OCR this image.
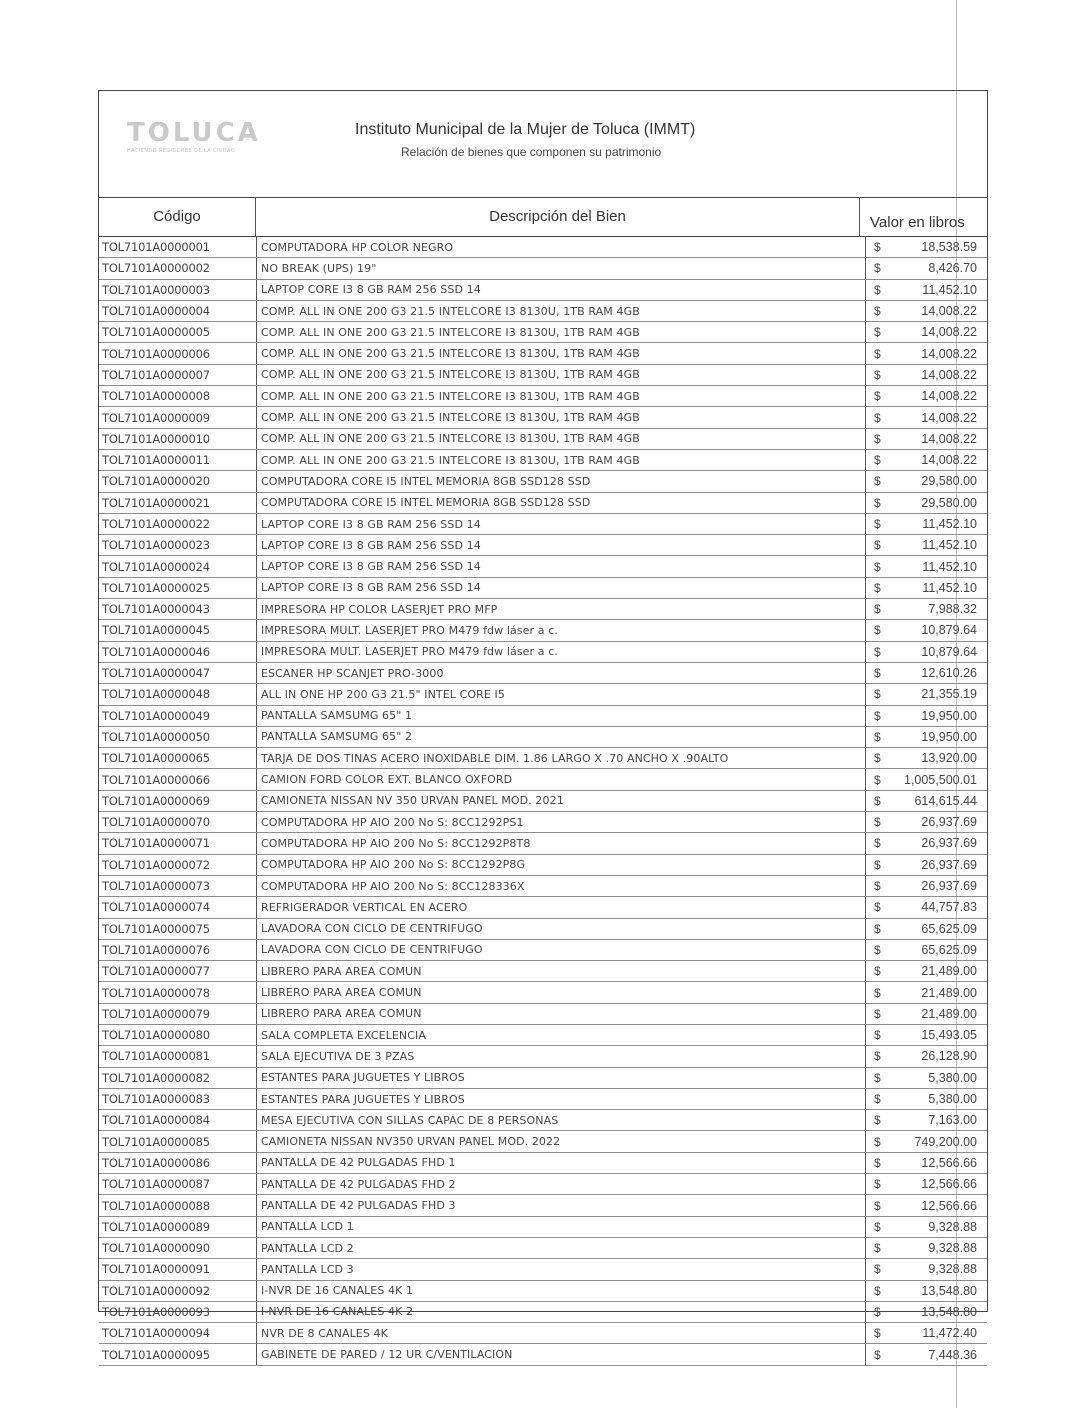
TOLUCA
HACIENDO REGIDORES DE LA CIUDAD
Instituto Municipal de la Mujer de Toluca (IMMT)
Relación de bienes que componen su patrimonio
Código	Descripción del Bien	Valor en libros
TOL7101A0000001	COMPUTADORA HP COLOR NEGRO	$	18,538.59
TOL7101A0000002	NO BREAK (UPS) 19"	$	8,426.70
TOL7101A0000003	LAPTOP CORE I3 8 GB RAM 256 SSD 14	$	11,452.10
TOL7101A0000004	COMP. ALL IN ONE 200 G3 21.5 INTELCORE I3 8130U, 1TB RAM 4GB	$	14,008.22
TOL7101A0000005	COMP. ALL IN ONE 200 G3 21.5 INTELCORE I3 8130U, 1TB RAM 4GB	$	14,008.22
TOL7101A0000006	COMP. ALL IN ONE 200 G3 21.5 INTELCORE I3 8130U, 1TB RAM 4GB	$	14,008.22
TOL7101A0000007	COMP. ALL IN ONE 200 G3 21.5 INTELCORE I3 8130U, 1TB RAM 4GB	$	14,008.22
TOL7101A0000008	COMP. ALL IN ONE 200 G3 21.5 INTELCORE I3 8130U, 1TB RAM 4GB	$	14,008.22
TOL7101A0000009	COMP. ALL IN ONE 200 G3 21.5 INTELCORE I3 8130U, 1TB RAM 4GB	$	14,008.22
TOL7101A0000010	COMP. ALL IN ONE 200 G3 21.5 INTELCORE I3 8130U, 1TB RAM 4GB	$	14,008.22
TOL7101A0000011	COMP. ALL IN ONE 200 G3 21.5 INTELCORE I3 8130U, 1TB RAM 4GB	$	14,008.22
TOL7101A0000020	COMPUTADORA CORE I5 INTEL MEMORIA 8GB SSD128 SSD	$	29,580.00
TOL7101A0000021	COMPUTADORA CORE I5 INTEL MEMORIA 8GB SSD128 SSD	$	29,580.00
TOL7101A0000022	LAPTOP CORE I3 8 GB RAM 256 SSD 14	$	11,452.10
TOL7101A0000023	LAPTOP CORE I3 8 GB RAM 256 SSD 14	$	11,452.10
TOL7101A0000024	LAPTOP CORE I3 8 GB RAM 256 SSD 14	$	11,452.10
TOL7101A0000025	LAPTOP CORE I3 8 GB RAM 256 SSD 14	$	11,452.10
TOL7101A0000043	IMPRESORA HP COLOR LASERJET PRO MFP	$	7,988.32
TOL7101A0000045	IMPRESORA MULT. LASERJET PRO M479 fdw láser a c.	$	10,879.64
TOL7101A0000046	IMPRESORA MULT. LASERJET PRO M479 fdw láser a c.	$	10,879.64
TOL7101A0000047	ESCANER HP SCANJET PRO-3000	$	12,610.26
TOL7101A0000048	ALL IN ONE HP 200 G3 21.5" INTEL CORE I5	$	21,355.19
TOL7101A0000049	PANTALLA SAMSUMG 65" 1	$	19,950.00
TOL7101A0000050	PANTALLA SAMSUMG 65" 2	$	19,950.00
TOL7101A0000065	TARJA DE DOS TINAS ACERO INOXIDABLE DIM. 1.86 LARGO X .70 ANCHO X .90ALTO	$	13,920.00
TOL7101A0000066	CAMION FORD COLOR EXT. BLANCO OXFORD	$	1,005,500.01
TOL7101A0000069	CAMIONETA NISSAN NV 350 URVAN PANEL MOD. 2021	$	614,615.44
TOL7101A0000070	COMPUTADORA HP AIO 200 No S: 8CC1292PS1	$	26,937.69
TOL7101A0000071	COMPUTADORA HP AIO 200 No S: 8CC1292P8T8	$	26,937.69
TOL7101A0000072	COMPUTADORA HP AIO 200 No S: 8CC1292P8G	$	26,937.69
TOL7101A0000073	COMPUTADORA HP AIO 200 No S: 8CC128336X	$	26,937.69
TOL7101A0000074	REFRIGERADOR VERTICAL EN ACERO	$	44,757.83
TOL7101A0000075	LAVADORA CON CICLO DE CENTRIFUGO	$	65,625.09
TOL7101A0000076	LAVADORA CON CICLO DE CENTRIFUGO	$	65,625.09
TOL7101A0000077	LIBRERO PARA AREA COMUN	$	21,489.00
TOL7101A0000078	LIBRERO PARA AREA COMUN	$	21,489.00
TOL7101A0000079	LIBRERO PARA AREA COMUN	$	21,489.00
TOL7101A0000080	SALA COMPLETA EXCELENCIA	$	15,493.05
TOL7101A0000081	SALA EJECUTIVA DE 3 PZAS	$	26,128.90
TOL7101A0000082	ESTANTES PARA JUGUETES Y LIBROS	$	5,380.00
TOL7101A0000083	ESTANTES PARA JUGUETES Y LIBROS	$	5,380.00
TOL7101A0000084	MESA EJECUTIVA CON SILLAS CAPAC DE 8 PERSONAS	$	7,163.00
TOL7101A0000085	CAMIONETA NISSAN NV350 URVAN PANEL MOD. 2022	$	749,200.00
TOL7101A0000086	PANTALLA DE 42 PULGADAS FHD 1	$	12,566.66
TOL7101A0000087	PANTALLA DE 42 PULGADAS FHD 2	$	12,566.66
TOL7101A0000088	PANTALLA DE 42 PULGADAS FHD 3	$	12,566.66
TOL7101A0000089	PANTALLA LCD 1	$	9,328.88
TOL7101A0000090	PANTALLA LCD 2	$	9,328.88
TOL7101A0000091	PANTALLA LCD 3	$	9,328.88
TOL7101A0000092	I-NVR DE 16 CANALES 4K 1	$	13,548.80
TOL7101A0000093	I-NVR DE 16 CANALES 4K 2	$	13,548.80
TOL7101A0000094	NVR DE 8 CANALES 4K	$	11,472.40
TOL7101A0000095	GABINETE DE PARED / 12 UR C/VENTILACION	$	7,448.36
